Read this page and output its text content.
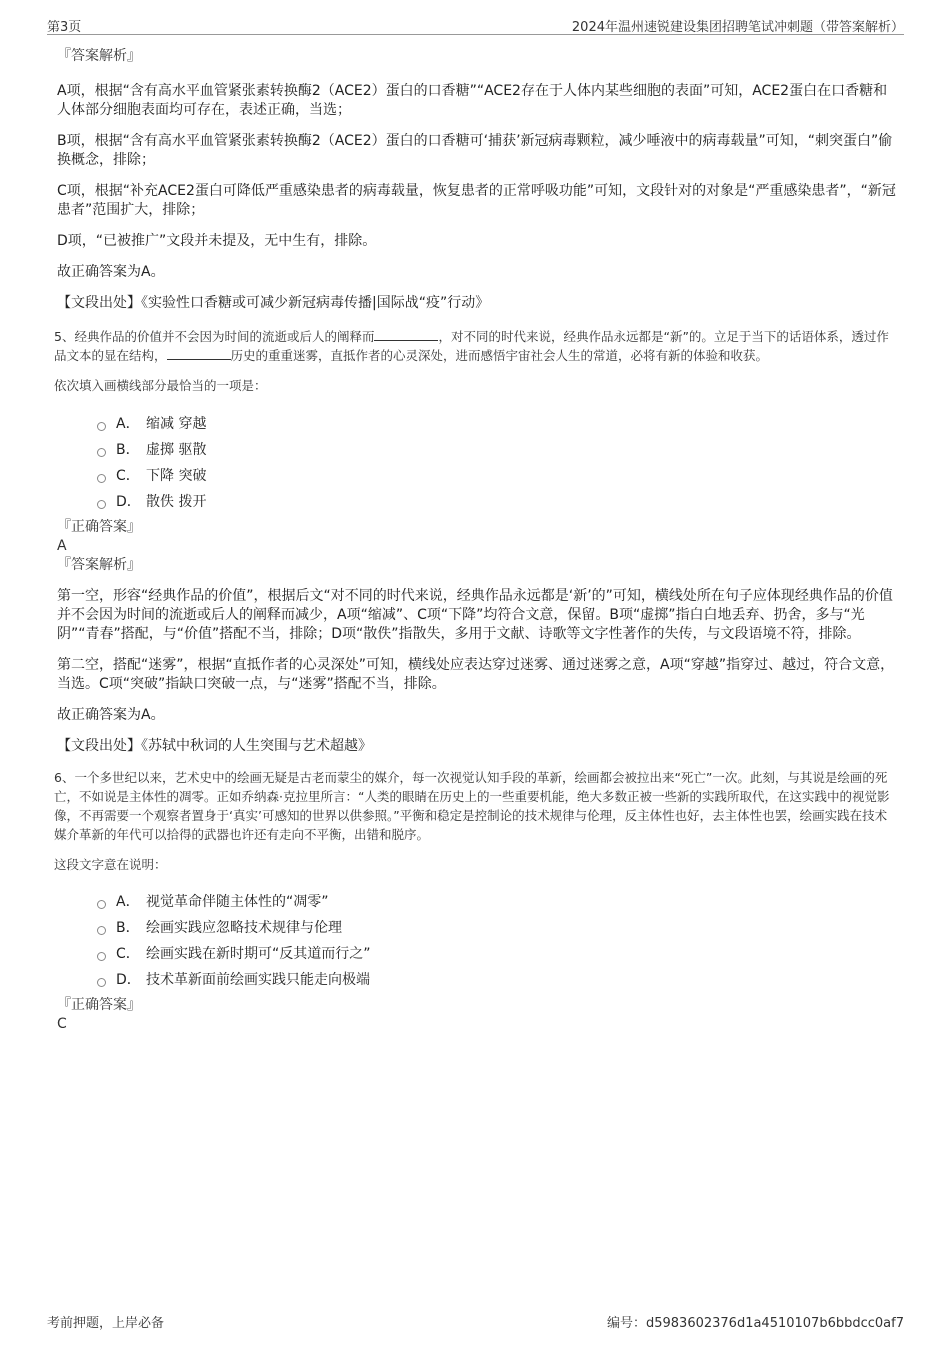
第3页	2024年温州速锐建设集团招聘笔试冲刺题（带答案解析）
『答案解析』

A项，根据“含有高水平血管紧张素转换酶2（ACE2）蛋白的口香糖”“ACE2存在于人体内某些细胞的表面”可知，ACE2蛋白在口香糖和人体部分细胞表面均可存在，表述正确，当选；

B项，根据“含有高水平血管紧张素转换酶2（ACE2）蛋白的口香糖可‘捕获’新冠病毒颗粒，减少唾液中的病毒载量”可知，“刺突蛋白”偷换概念，排除；

C项，根据“补充ACE2蛋白可降低严重感染患者的病毒载量，恢复患者的正常呼吸功能”可知，文段针对的对象是“严重感染患者”，“新冠患者”范围扩大，排除；

D项，“已被推广”文段并未提及，无中生有，排除。

故正确答案为A。

【文段出处】《实验性口香糖或可减少新冠病毒传播|国际战“疫”行动》

5、经典作品的价值并不会因为时间的流逝或后人的阐释而	，对不同的时代来说，经典作品永远都是“新”的。立足于当下的话语体系，透过作品文本的显在结构，	历史的重重迷雾，直抵作者的心灵深处，进而感悟宇宙社会人生的常道，必将有新的体验和收获。

依次填入画横线部分最恰当的一项是：

A． 缩减 穿越
B． 虚掷 驱散
C． 下降 突破
D． 散佚 拨开
『正确答案』
A
『答案解析』

第一空，形容“经典作品的价值”，根据后文“对不同的时代来说，经典作品永远都是‘新’的”可知，横线处所在句子应体现经典作品的价值并不会因为时间的流逝或后人的阐释而减少，A项“缩减”、C项“下降”均符合文意，保留。B项“虚掷”指白白地丢弃、扔舍，多与“光阴”“青春”搭配，与“价值”搭配不当，排除；D项“散佚”指散失，多用于文献、诗歌等文字性著作的失传，与文段语境不符，排除。

第二空，搭配“迷雾”，根据“直抵作者的心灵深处”可知，横线处应表达穿过迷雾、通过迷雾之意，A项“穿越”指穿过、越过，符合文意，当选。C项“突破”指缺口突破一点，与“迷雾”搭配不当，排除。

故正确答案为A。

【文段出处】《苏轼中秋词的人生突围与艺术超越》

6、一个多世纪以来，艺术史中的绘画无疑是古老而蒙尘的媒介，每一次视觉认知手段的革新，绘画都会被拉出来“死亡”一次。此刻，与其说是绘画的死亡，不如说是主体性的凋零。正如乔纳森·克拉里所言：“人类的眼睛在历史上的一些重要机能，绝大多数正被一些新的实践所取代，在这实践中的视觉影像，不再需要一个观察者置身于‘真实’可感知的世界以供参照。”平衡和稳定是控制论的技术规律与伦理，反主体性也好，去主体性也罢，绘画实践在技术媒介革新的年代可以拾得的武器也许还有走向不平衡，出错和脱序。

这段文字意在说明：

A． 视觉革命伴随主体性的“凋零”
B． 绘画实践应忽略技术规律与伦理
C． 绘画实践在新时期可“反其道而行之”
D． 技术革新面前绘画实践只能走向极端
『正确答案』
C
考前押题，上岸必备	编号：d5983602376d1a4510107b6bbdcc0af7
